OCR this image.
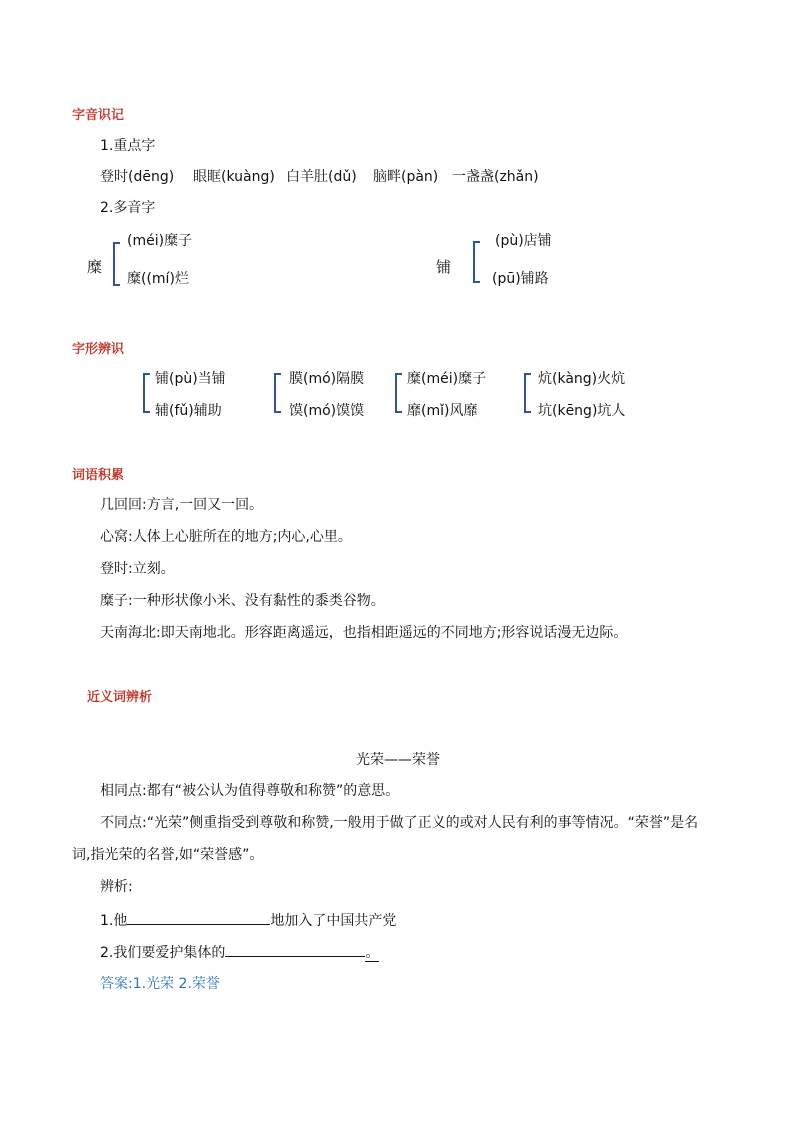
字音识记
1.重点字
登时(dēng) 眼眶(kuàng) 白羊肚(dǔ) 脑畔(pàn) 一盏盏(zhǎn)
2.多音字
糜
(méi)糜子
糜((mí)烂
铺
(pù)店铺
(pū)铺路
字形辨识
铺(pù)当铺
辅(fǔ)辅助
膜(mó)隔膜
馍(mó)馍馍
糜(méi)糜子
靡(mǐ)风靡
炕(kàng)火炕
坑(kēng)坑人
词语积累
几回回:方言,一回又一回。
心窝:人体上心脏所在的地方;内心,心里。
登时:立刻。
糜子:一种形状像小米、没有黏性的黍类谷物。
天南海北:即天南地北。形容距离遥远，也指相距遥远的不同地方;形容说话漫无边际。
近义词辨析
光荣——荣誉
相同点:都有“被公认为值得尊敬和称赞”的意思。
不同点:“光荣”侧重指受到尊敬和称赞,一般用于做了正义的或对人民有利的事等情况。“荣誉”是名
词,指光荣的名誉,如“荣誉感”。
辨析:
1.他	地加入了中国共产党
2.我们要爱护集体的	。
答案:1.光荣 2.荣誉
